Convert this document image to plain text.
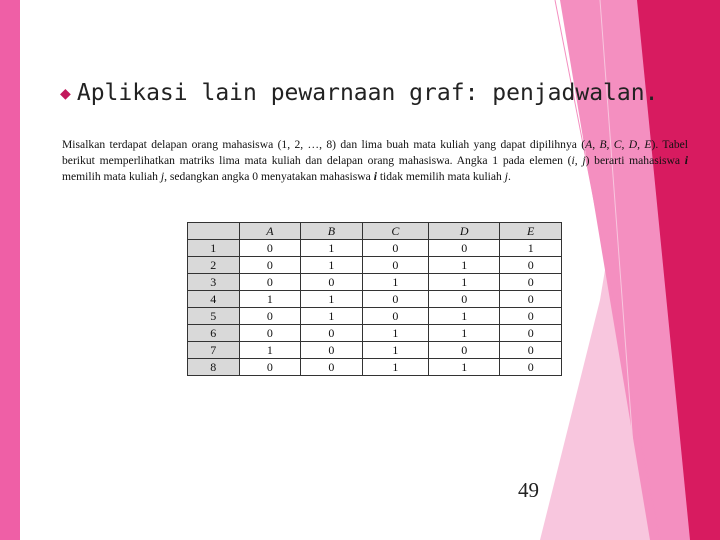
◆ Aplikasi lain pewarnaan graf: penjadwalan.
Misalkan terdapat delapan orang mahasiswa (1, 2, …, 8) dan lima buah mata kuliah yang dapat dipilihnya (A, B, C, D, E). Tabel berikut memperlihatkan matriks lima mata kuliah dan delapan orang mahasiswa. Angka 1 pada elemen (i, j) berarti mahasiswa i memilih mata kuliah j, sedangkan angka 0 menyatakan mahasiswa i tidak memilih mata kuliah j.
	A	B	C	D	E
1	0	1	0	0	1
2	0	1	0	1	0
3	0	0	1	1	0
4	1	1	0	0	0
5	0	1	0	1	0
6	0	0	1	1	0
7	1	0	1	0	0
8	0	0	1	1	0
49
